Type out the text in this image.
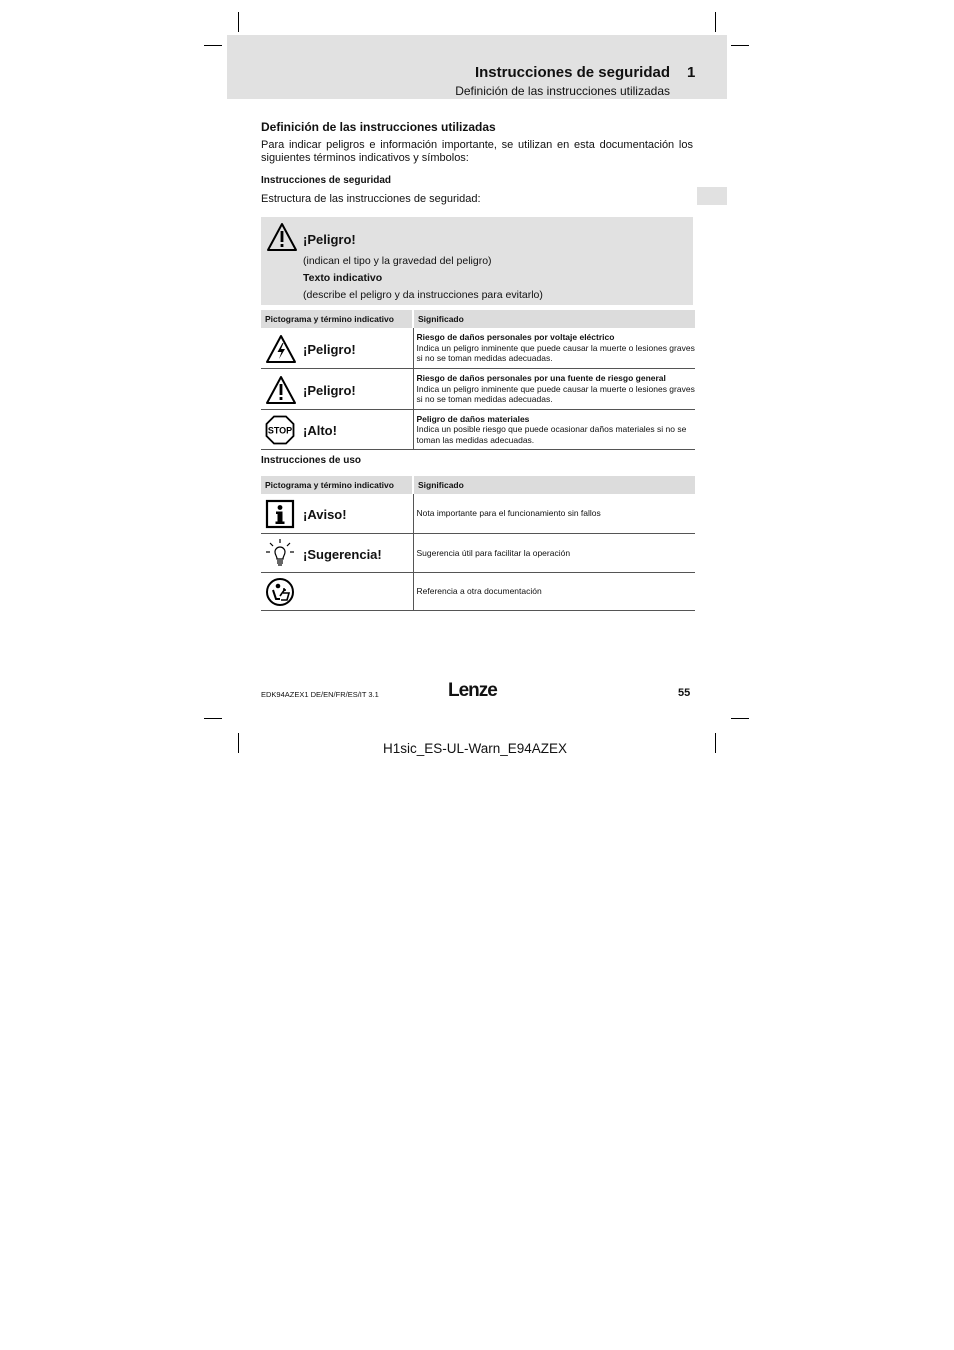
Instrucciones de seguridad 1
Definición de las instrucciones utilizadas
Definición de las instrucciones utilizadas
Para indicar peligros e información importante, se utilizan en esta documentación los siguientes términos indicativos y símbolos:
Instrucciones de seguridad
Estructura de las instrucciones de seguridad:
¡Peligro!
(indican el tipo y la gravedad del peligro)
Texto indicativo
(describe el peligro y da instrucciones para evitarlo)
Pictograma y término indicativo	Significado

¡Peligro!	Riesgo de daños personales por voltaje eléctrico
Indica un peligro inminente que puede causar la muerte o lesiones graves si no se toman medidas adecuadas.

¡Peligro!	Riesgo de daños personales por una fuente de riesgo general
Indica un peligro inminente que puede causar la muerte o lesiones graves si no se toman medidas adecuadas.

STOP ¡Alto!	Peligro de daños materiales
Indica un posible riesgo que puede ocasionar daños materiales si no se toman las medidas adecuadas.
Instrucciones de uso
Pictograma y término indicativo	Significado

¡Aviso!	Nota importante para el funcionamiento sin fallos

¡Sugerencia!	Sugerencia útil para facilitar la operación

	Referencia a otra documentación
EDK94AZEX1 DE/EN/FR/ES/IT 3.1	Lenze	55
H1sic_ES-UL-Warn_E94AZEX
